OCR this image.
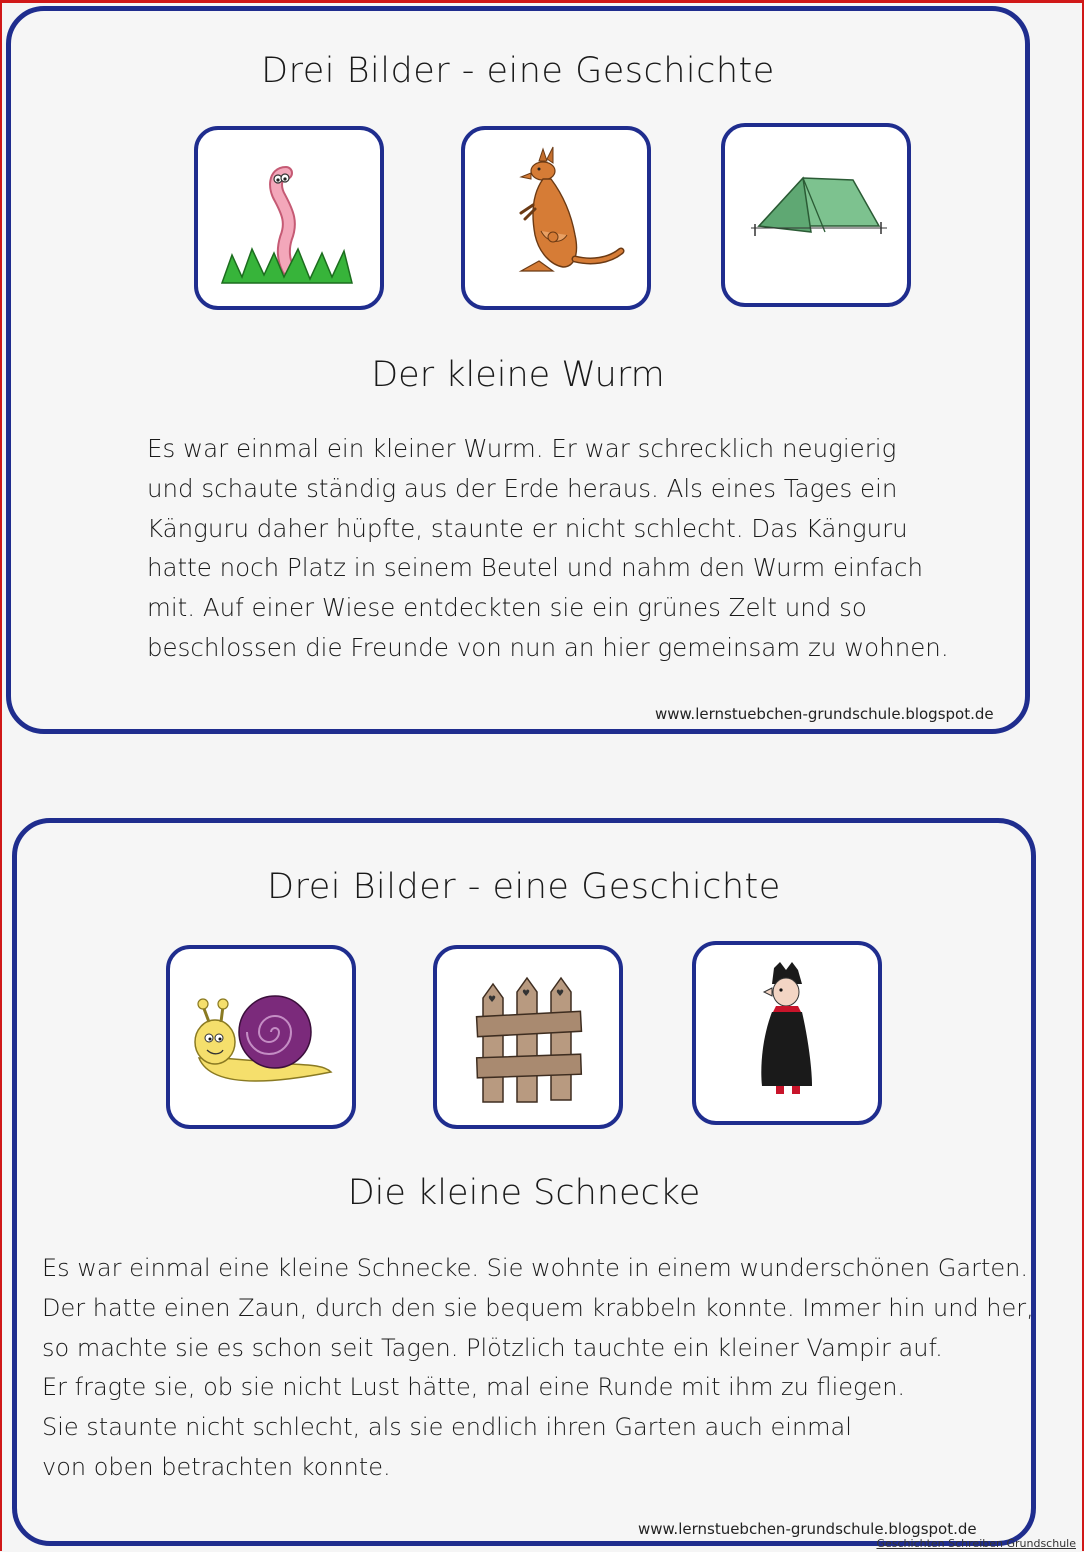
Drei Bilder - eine Geschichte
Der kleine Wurm
Es war einmal ein kleiner Wurm. Er war schrecklich neugierig
und schaute ständig aus der Erde heraus. Als eines Tages ein
Känguru daher hüpfte, staunte er nicht schlecht. Das Känguru
hatte noch Platz in seinem Beutel und nahm den Wurm einfach
mit. Auf einer Wiese entdeckten sie ein grünes Zelt und so
beschlossen die Freunde von nun an hier gemeinsam zu wohnen.
www.lernstuebchen-grundschule.blogspot.de
Drei Bilder - eine Geschichte
♥
♥	♥
Die kleine Schnecke
Es war einmal eine kleine Schnecke. Sie wohnte in einem wunderschönen Garten.
Der hatte einen Zaun, durch den sie bequem krabbeln konnte. Immer hin und her,
so machte sie es schon seit Tagen. Plötzlich tauchte ein kleiner Vampir auf.
Er fragte sie, ob sie nicht Lust hätte, mal eine Runde mit ihm zu fliegen.
Sie staunte nicht schlecht, als sie endlich ihren Garten auch einmal
von oben betrachten konnte.
www.lernstuebchen-grundschule.blogspot.de
Geschichten Schreiben Grundschule
